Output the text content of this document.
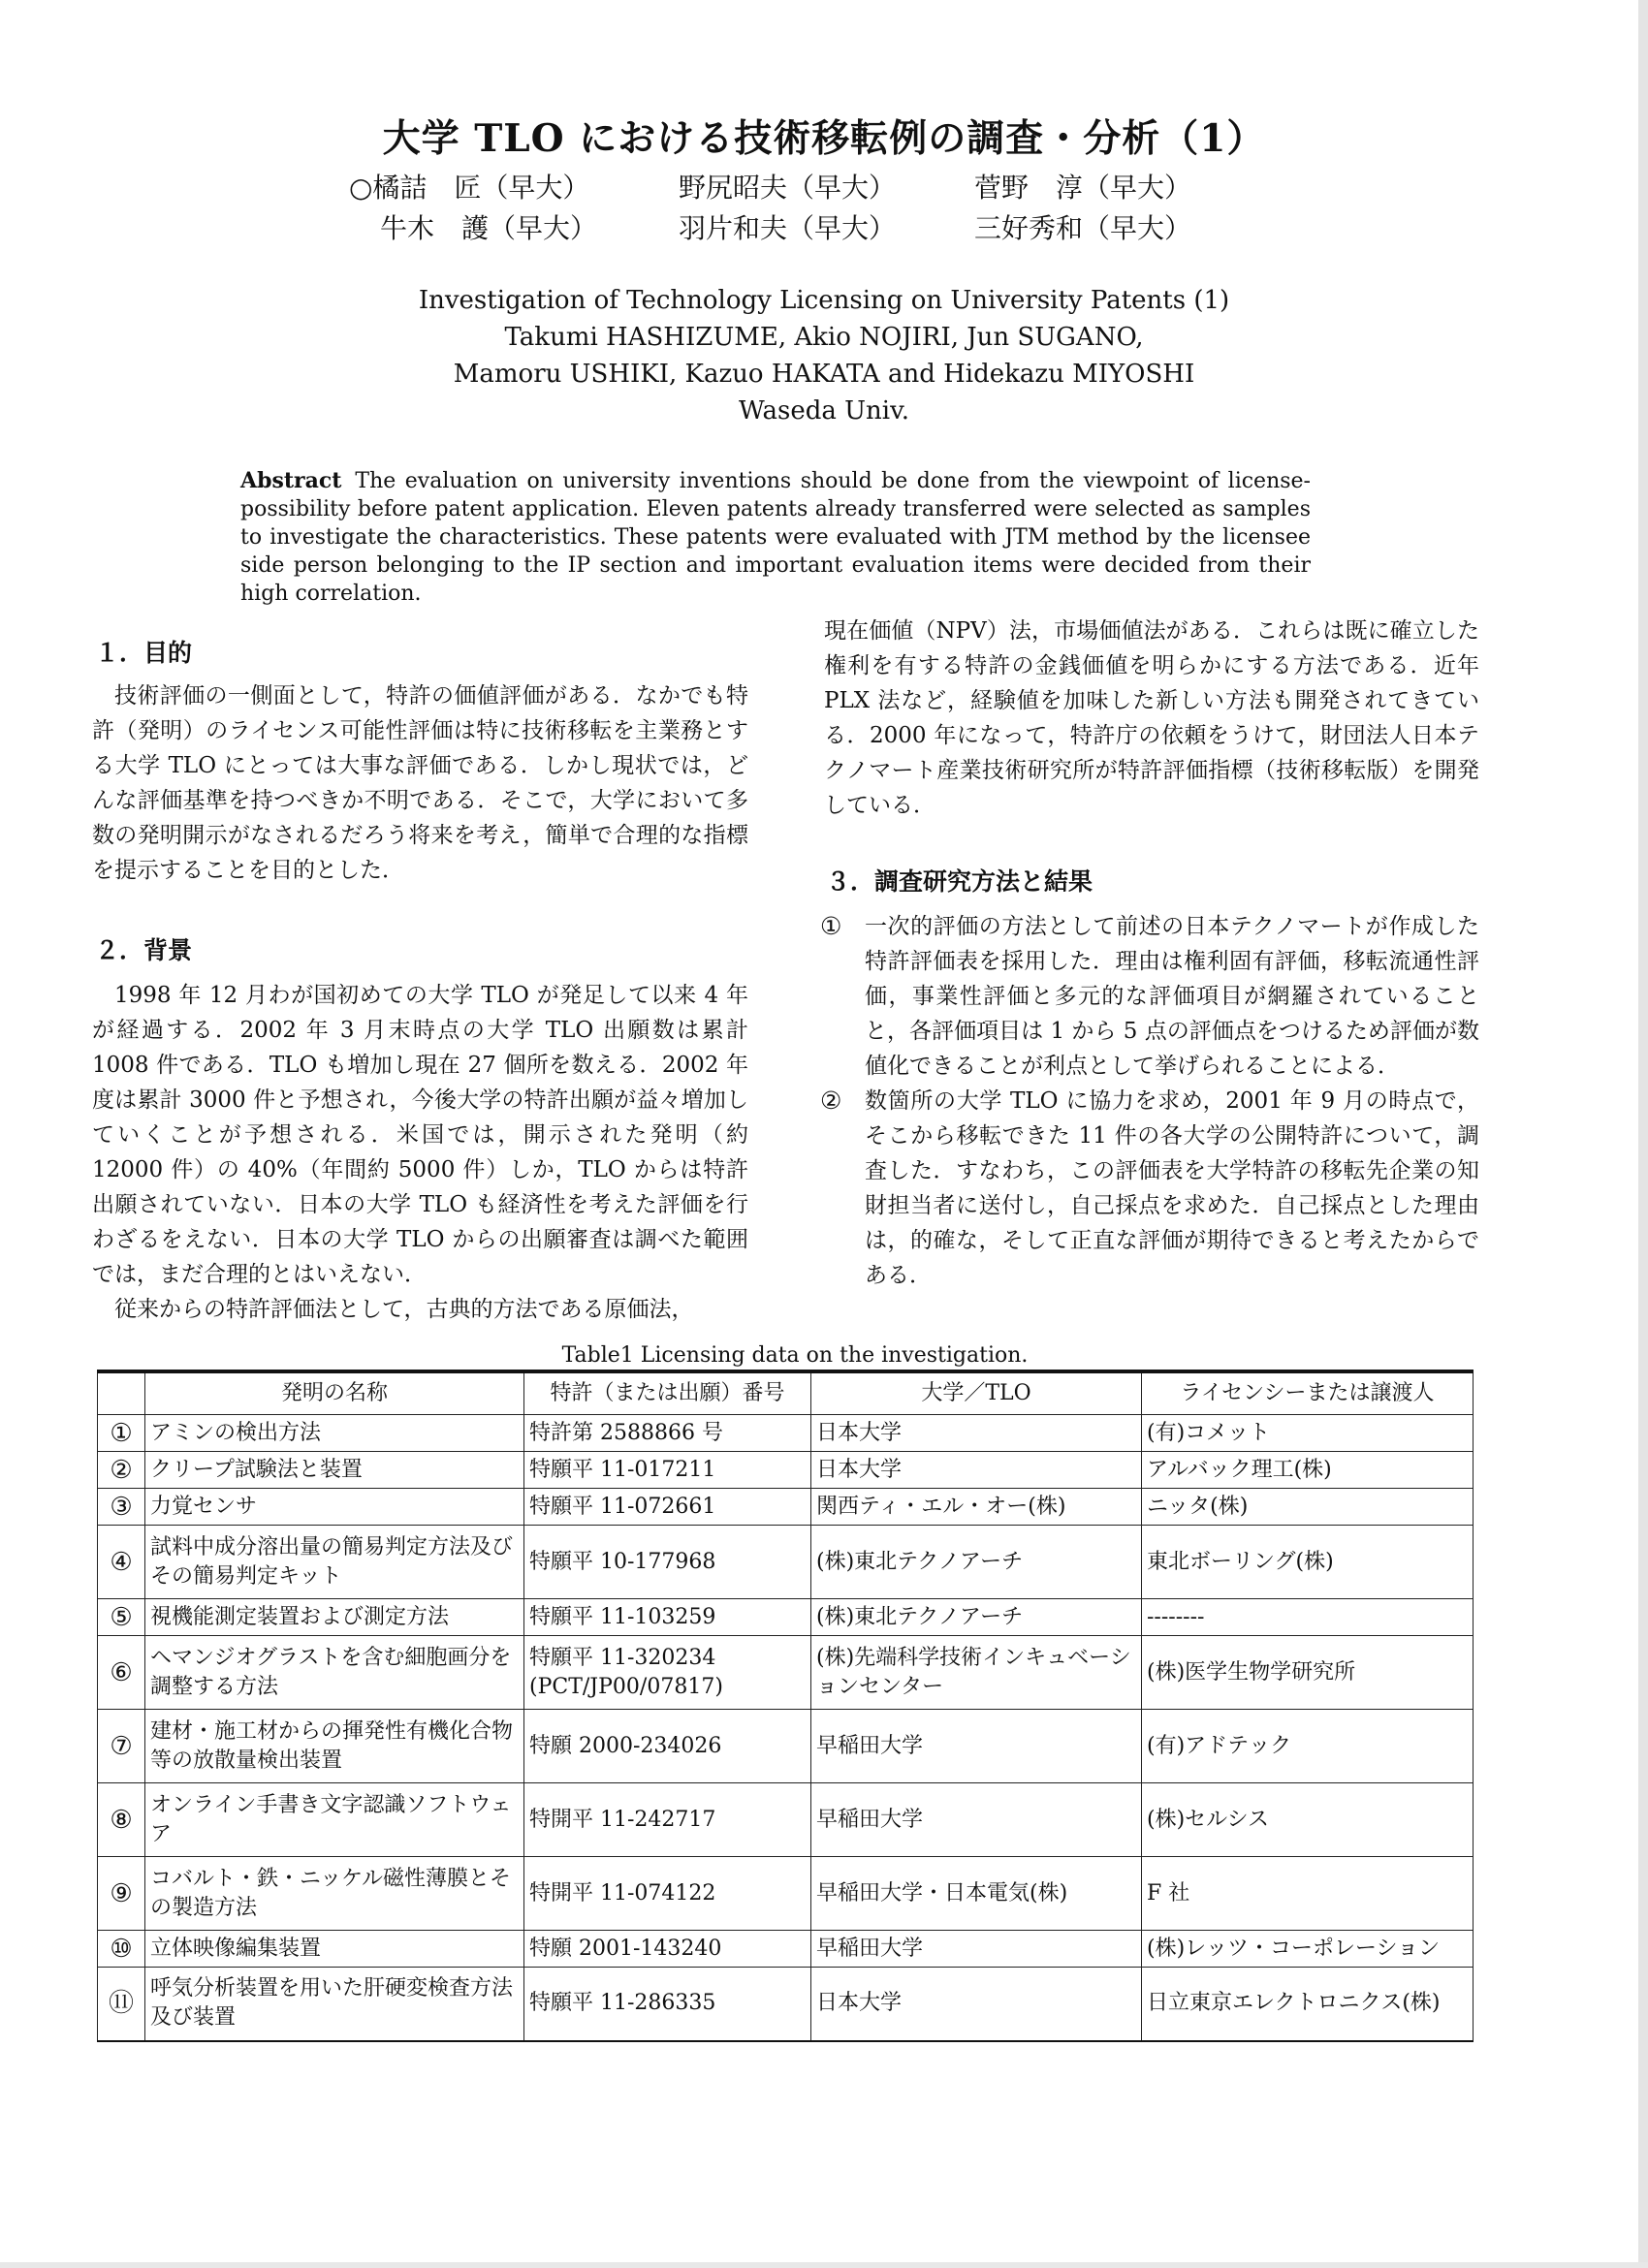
大学 TLO における技術移転例の調査・分析（1）
○橘詰　匠（早大）	野尻昭夫（早大）	菅野　淳（早大）
牛木　護（早大）	羽片和夫（早大）	三好秀和（早大）
Investigation of Technology Licensing on University Patents (1)
Takumi HASHIZUME, Akio NOJIRI, Jun SUGANO,
Mamoru USHIKI, Kazuo HAKATA and Hidekazu MIYOSHI
Waseda Univ.
Abstract The evaluation on university inventions should be done from the viewpoint of license-possibility before patent application. Eleven patents already transferred were selected as samples to investigate the characteristics. These patents were evaluated with JTM method by the licensee side person belonging to the IP section and important evaluation items were decided from their high correlation.
１．目的

技術評価の一側面として，特許の価値評価がある．なかでも特許（発明）のライセンス可能性評価は特に技術移転を主業務とする大学 TLO にとっては大事な評価である．しかし現状では，どんな評価基準を持つべきか不明である．そこで，大学において多数の発明開示がなされるだろう将来を考え，簡単で合理的な指標を提示することを目的とした．

２．背景

1998 年 12 月わが国初めての大学 TLO が発足して以来 4 年が経過する．2002 年 3 月末時点の大学 TLO 出願数は累計 1008 件である．TLO も増加し現在 27 個所を数える．2002 年度は累計 3000 件と予想され，今後大学の特許出願が益々増加していくことが予想される．米国では，開示された発明（約 12000 件）の 40%（年間約 5000 件）しか，TLO からは特許出願されていない．日本の大学 TLO も経済性を考えた評価を行わざるをえない．日本の大学 TLO からの出願審査は調べた範囲では，まだ合理的とはいえない．

従来からの特許評価法として，古典的方法である原価法，

現在価値（NPV）法，市場価値法がある．これらは既に確立した権利を有する特許の金銭価値を明らかにする方法である．近年 PLX 法など，経験値を加味した新しい方法も開発されてきている．2000 年になって，特許庁の依頼をうけて，財団法人日本テクノマート産業技術研究所が特許評価指標（技術移転版）を開発している．

３．調査研究方法と結果
①	一次的評価の方法として前述の日本テクノマートが作成した特許評価表を採用した．理由は権利固有評価，移転流通性評価，事業性評価と多元的な評価項目が網羅されていることと，各評価項目は 1 から 5 点の評価点をつけるため評価が数値化できることが利点として挙げられることによる．
②	数箇所の大学 TLO に協力を求め，2001 年 9 月の時点で，そこから移転できた 11 件の各大学の公開特許について，調査した．すなわち，この評価表を大学特許の移転先企業の知財担当者に送付し，自己採点を求めた．自己採点とした理由は，的確な，そして正直な評価が期待できると考えたからである．
Table1 Licensing data on the investigation.
	発明の名称	特許（または出願）番号	大学／TLO	ライセンシーまたは譲渡人
①	アミンの検出方法	特許第 2588866 号	日本大学	(有)コメット
②	クリープ試験法と装置	特願平 11-017211	日本大学	アルバック理工(株)
③	力覚センサ	特願平 11-072661	関西ティ・エル・オー(株)	ニッタ(株)
④	試料中成分溶出量の簡易判定方法及びその簡易判定キット	特願平 10-177968	(株)東北テクノアーチ	東北ボーリング(株)
⑤	視機能測定装置および測定方法	特願平 11-103259	(株)東北テクノアーチ	--------
⑥	ヘマンジオグラストを含む細胞画分を調整する方法	特願平 11-320234 (PCT/JP00/07817)	(株)先端科学技術インキュベーションセンター	(株)医学生物学研究所
⑦	建材・施工材からの揮発性有機化合物等の放散量検出装置	特願 2000-234026	早稲田大学	(有)アドテック
⑧	オンライン手書き文字認識ソフトウェア	特開平 11-242717	早稲田大学	(株)セルシス
⑨	コバルト・鉄・ニッケル磁性薄膜とその製造方法	特開平 11-074122	早稲田大学・日本電気(株)	F 社
⑩	立体映像編集装置	特願 2001-143240	早稲田大学	(株)レッツ・コーポレーション
⑪	呼気分析装置を用いた肝硬変検査方法及び装置	特願平 11-286335	日本大学	日立東京エレクトロニクス(株)
